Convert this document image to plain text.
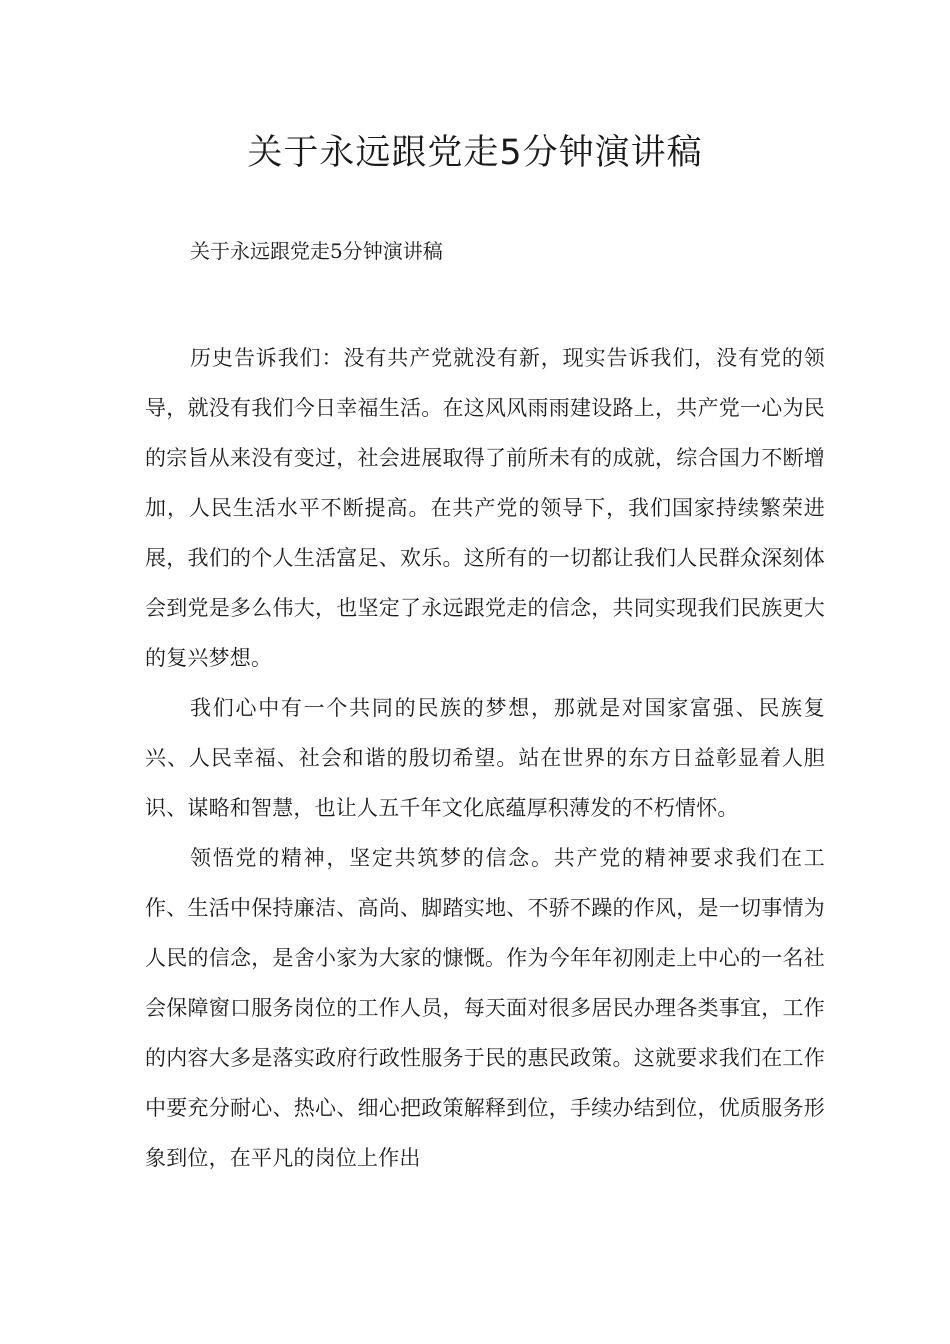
关于永远跟党走5分钟演讲稿

关于永远跟党走5分钟演讲稿

历史告诉我们：没有共产党就没有新，现实告诉我们，没有党的领导，就没有我们今日幸福生活。在这风风雨雨建设路上，共产党一心为民的宗旨从来没有变过，社会进展取得了前所未有的成就，综合国力不断增加，人民生活水平不断提高。在共产党的领导下，我们国家持续繁荣进展，我们的个人生活富足、欢乐。这所有的一切都让我们人民群众深刻体会到党是多么伟大，也坚定了永远跟党走的信念，共同实现我们民族更大的复兴梦想。

我们心中有一个共同的民族的梦想，那就是对国家富强、民族复兴、人民幸福、社会和谐的殷切希望。站在世界的东方日益彰显着人胆识、谋略和智慧，也让人五千年文化底蕴厚积薄发的不朽情怀。

领悟党的精神，坚定共筑梦的信念。共产党的精神要求我们在工作、生活中保持廉洁、高尚、脚踏实地、不骄不躁的作风，是一切事情为人民的信念，是舍小家为大家的慷慨。作为今年年初刚走上中心的一名社会保障窗口服务岗位的工作人员，每天面对很多居民办理各类事宜，工作的内容大多是落实政府行政性服务于民的惠民政策。这就要求我们在工作中要充分耐心、热心、细心把政策解释到位，手续办结到位，优质服务形象到位，在平凡的岗位上作出
